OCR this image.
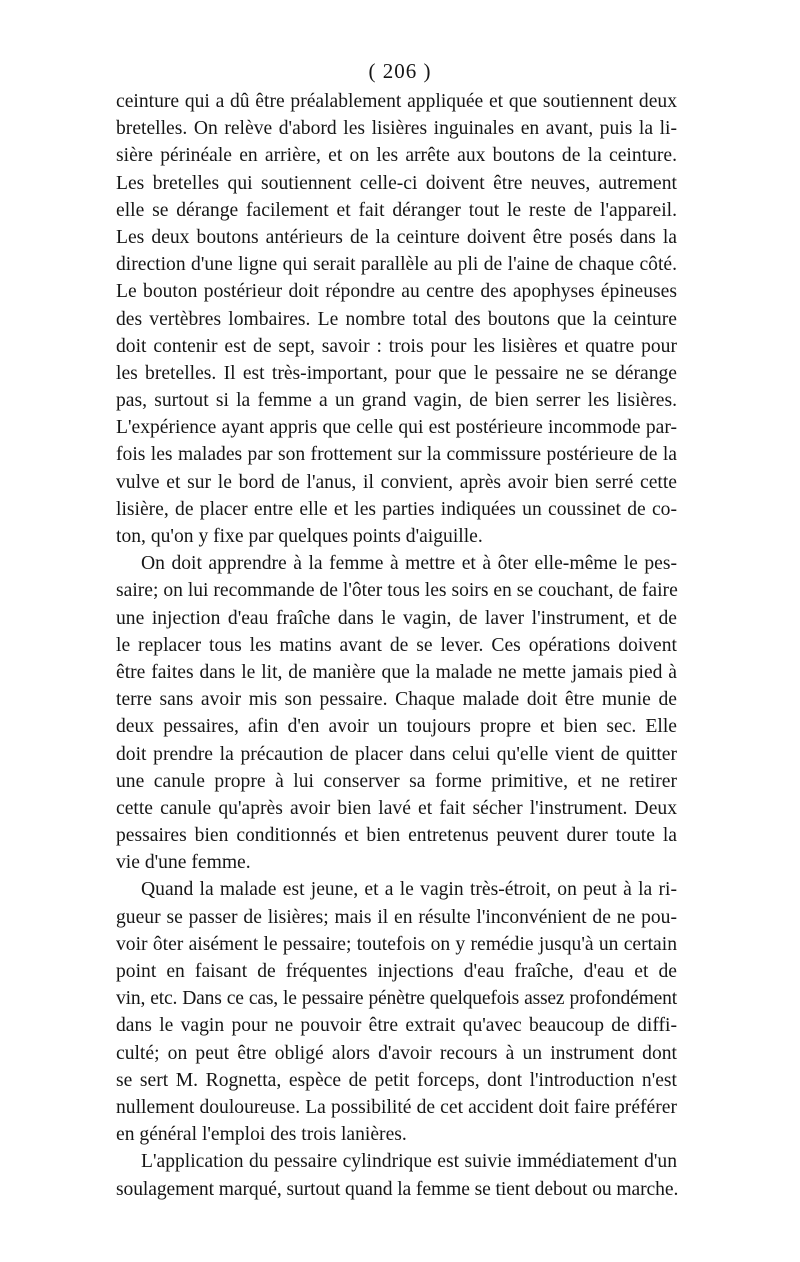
( 206 )
ceinture qui a dû être préalablement appliquée et que soutiennent deux
bretelles. On relève d'abord les lisières inguinales en avant, puis la li-
sière périnéale en arrière, et on les arrête aux boutons de la ceinture.
Les bretelles qui soutiennent celle-ci doivent être neuves, autrement
elle se dérange facilement et fait déranger tout le reste de l'appareil.
Les deux boutons antérieurs de la ceinture doivent être posés dans la
direction d'une ligne qui serait parallèle au pli de l'aine de chaque côté.
Le bouton postérieur doit répondre au centre des apophyses épineuses
des vertèbres lombaires. Le nombre total des boutons que la ceinture
doit contenir est de sept, savoir : trois pour les lisières et quatre pour
les bretelles. Il est très-important, pour que le pessaire ne se dérange
pas, surtout si la femme a un grand vagin, de bien serrer les lisières.
L'expérience ayant appris que celle qui est postérieure incommode par-
fois les malades par son frottement sur la commissure postérieure de la
vulve et sur le bord de l'anus, il convient, après avoir bien serré cette
lisière, de placer entre elle et les parties indiquées un coussinet de co-
ton, qu'on y fixe par quelques points d'aiguille.
On doit apprendre à la femme à mettre et à ôter elle-même le pes-
saire; on lui recommande de l'ôter tous les soirs en se couchant, de faire
une injection d'eau fraîche dans le vagin, de laver l'instrument, et de
le replacer tous les matins avant de se lever. Ces opérations doivent
être faites dans le lit, de manière que la malade ne mette jamais pied à
terre sans avoir mis son pessaire. Chaque malade doit être munie de
deux pessaires, afin d'en avoir un toujours propre et bien sec. Elle
doit prendre la précaution de placer dans celui qu'elle vient de quitter
une canule propre à lui conserver sa forme primitive, et ne retirer
cette canule qu'après avoir bien lavé et fait sécher l'instrument. Deux
pessaires bien conditionnés et bien entretenus peuvent durer toute la
vie d'une femme.
Quand la malade est jeune, et a le vagin très-étroit, on peut à la ri-
gueur se passer de lisières; mais il en résulte l'inconvénient de ne pou-
voir ôter aisément le pessaire; toutefois on y remédie jusqu'à un certain
point en faisant de fréquentes injections d'eau fraîche, d'eau et de
vin, etc. Dans ce cas, le pessaire pénètre quelquefois assez profondément
dans le vagin pour ne pouvoir être extrait qu'avec beaucoup de diffi-
culté; on peut être obligé alors d'avoir recours à un instrument dont
se sert M. Rognetta, espèce de petit forceps, dont l'introduction n'est
nullement douloureuse. La possibilité de cet accident doit faire préférer
en général l'emploi des trois lanières.
L'application du pessaire cylindrique est suivie immédiatement d'un
soulagement marqué, surtout quand la femme se tient debout ou marche.
